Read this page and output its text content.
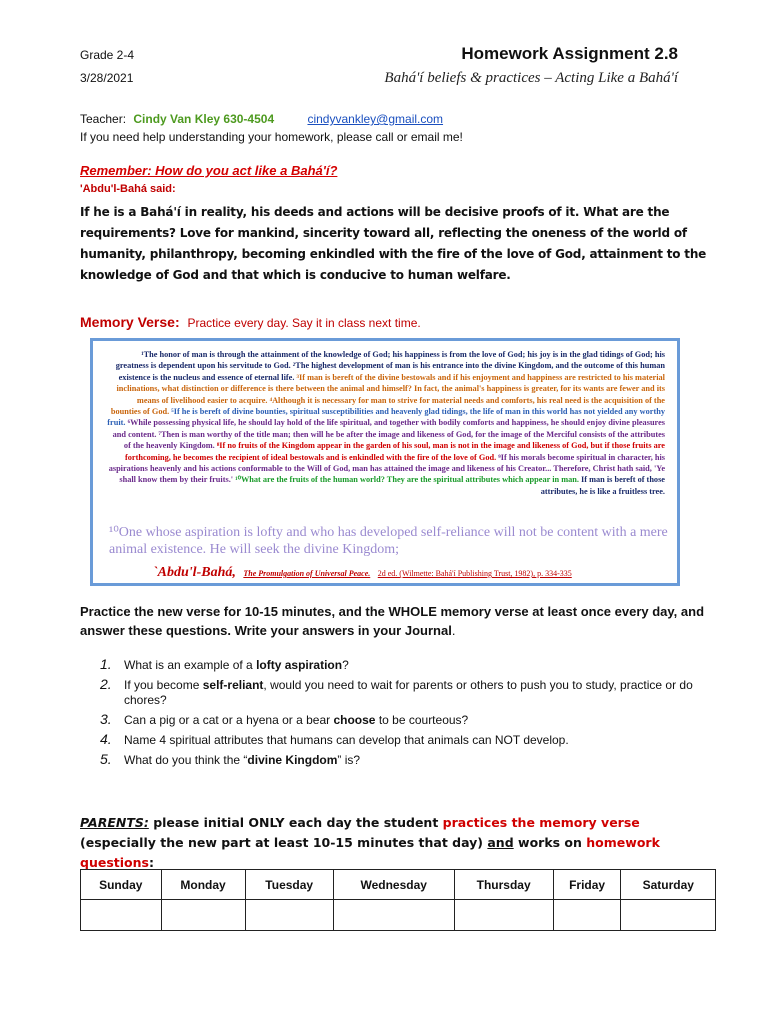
Grade 2-4
3/28/2021
Homework Assignment 2.8
Bahá'í beliefs & practices – Acting Like a Bahá'í
Teacher: Cindy Van Kley 630-4504	cindyvankley@gmail.com
If you need help understanding your homework, please call or email me!
Remember: How do you act like a Bahá'í?
'Abdu'l-Bahá said:
If he is a Bahá'í in reality, his deeds and actions will be decisive proofs of it. What are the requirements? Love for mankind, sincerity toward all, reflecting the oneness of the world of humanity, philanthropy, becoming enkindled with the fire of the love of God, attainment to the knowledge of God and that which is conducive to human welfare.
Memory Verse: Practice every day. Say it in class next time.
¹The honor of man is through the attainment of the knowledge of God; his happiness is from the love of God; his joy is in the glad tidings of God; his greatness is dependent upon his servitude to God. ²The highest development of man is his entrance into the divine Kingdom, and the outcome of this human existence is the nucleus and essence of eternal life. ³If man is bereft of the divine bestowals and if his enjoyment and happiness are restricted to his material inclinations, what distinction or difference is there between the animal and himself? In fact, the animal's happiness is greater, for its wants are fewer and its means of livelihood easier to acquire. ⁴Although it is necessary for man to strive for material needs and comforts, his real need is the acquisition of the bounties of God. ⁵If he is bereft of divine bounties, spiritual susceptibilities and heavenly glad tidings, the life of man in this world has not yielded any worthy fruit. ⁶While possessing physical life, he should lay hold of the life spiritual, and together with bodily comforts and happiness, he should enjoy divine pleasures and content. ⁷Then is man worthy of the title man; then will he be after the image and likeness of God, for the image of the Merciful consists of the attributes of the heavenly Kingdom. ⁸If no fruits of the Kingdom appear in the garden of his soul, man is not in the image and likeness of God, but if those fruits are forthcoming, he becomes the recipient of ideal bestowals and is enkindled with the fire of the love of God. ⁹If his morals become spiritual in character, his aspirations heavenly and his actions conformable to the Will of God, man has attained the image and likeness of his Creator... Therefore, Christ hath said, 'Ye shall know them by their fruits.' ¹⁰What are the fruits of the human world? They are the spiritual attributes which appear in man. If man is bereft of those attributes, he is like a fruitless tree.
¹⁰One whose aspiration is lofty and who has developed self-reliance will not be content with a mere animal existence. He will seek the divine Kingdom;
`Abdu'l-Bahá, The Promulgation of Universal Peace. 2d ed. (Wilmette: Bahá'í Publishing Trust, 1982), p. 334-335
Practice the new verse for 10-15 minutes, and the WHOLE memory verse at least once every day, and answer these questions. Write your answers in your Journal.
1. What is an example of a lofty aspiration?
2. If you become self-reliant, would you need to wait for parents or others to push you to study, practice or do chores?
3. Can a pig or a cat or a hyena or a bear choose to be courteous?
4. Name 4 spiritual attributes that humans can develop that animals can NOT develop.
5. What do you think the “divine Kingdom” is?
PARENTS: please initial ONLY each day the student practices the memory verse (especially the new part at least 10-15 minutes that day) and works on homework questions:
Sunday	Monday	Tuesday	Wednesday	Thursday	Friday	Saturday
